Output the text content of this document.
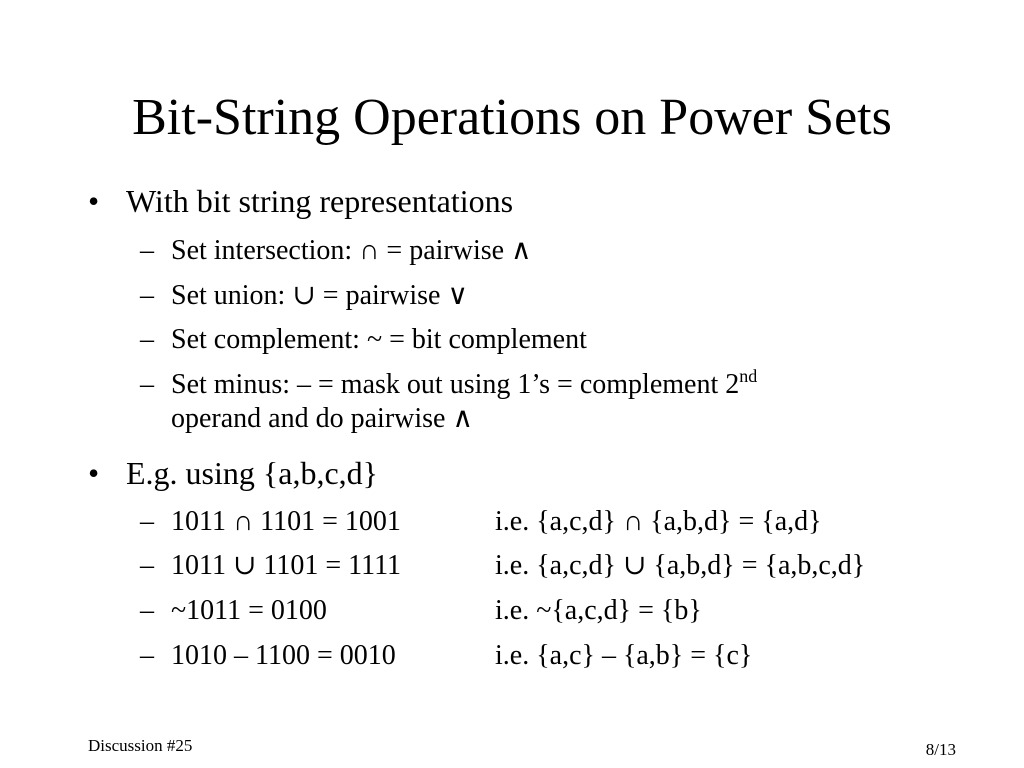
Bit-String Operations on Power Sets
• With bit string representations
– Set intersection: ∩ = pairwise ∧
– Set union: ∪ = pairwise ∨
– Set complement: ~ = bit complement
– Set minus: – = mask out using 1’s = complement 2nd
operand and do pairwise ∧
• E.g. using {a,b,c,d}
– 1011 ∩ 1101 = 1001	i.e. {a,c,d} ∩ {a,b,d} = {a,d}
– 1011 ∪ 1101 = 1111	i.e. {a,c,d} ∪ {a,b,d} = {a,b,c,d}
– ~1011 = 0100	i.e. ~{a,c,d} = {b}
– 1010 – 1100 = 0010	i.e. {a,c} – {a,b} = {c}
Discussion #25	8/13
